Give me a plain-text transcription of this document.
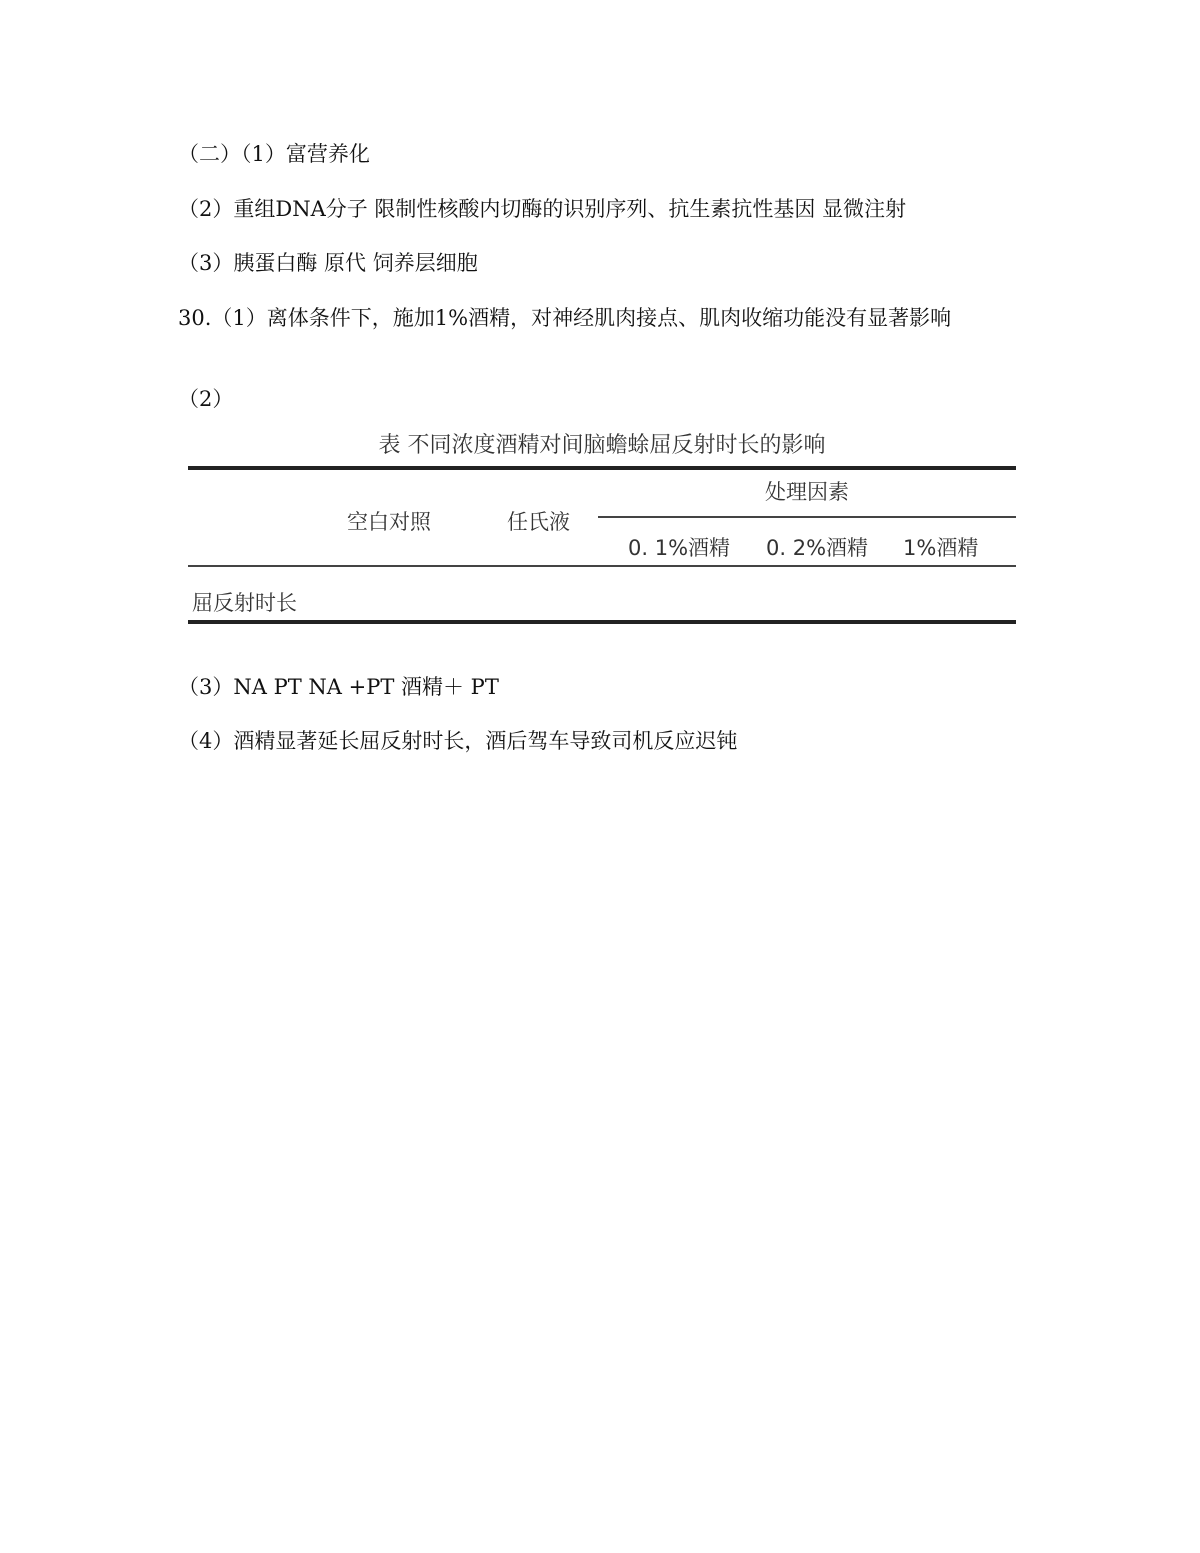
（二）（1）富营养化
（2）重组DNA分子 限制性核酸内切酶的识别序列、抗生素抗性基因 显微注射
（3）胰蛋白酶 原代 饲养层细胞
30.（1）离体条件下，施加1%酒精，对神经肌肉接点、肌肉收缩功能没有显著影响
（2）
表 不同浓度酒精对间脑蟾蜍屈反射时长的影响
处理因素
空白对照	任氏液
0. 1%酒精 0. 2%酒精 1%酒精
屈反射时长
（3）NA PT NA +PT 酒精＋ PT
（4）酒精显著延长屈反射时长，酒后驾车导致司机反应迟钝
